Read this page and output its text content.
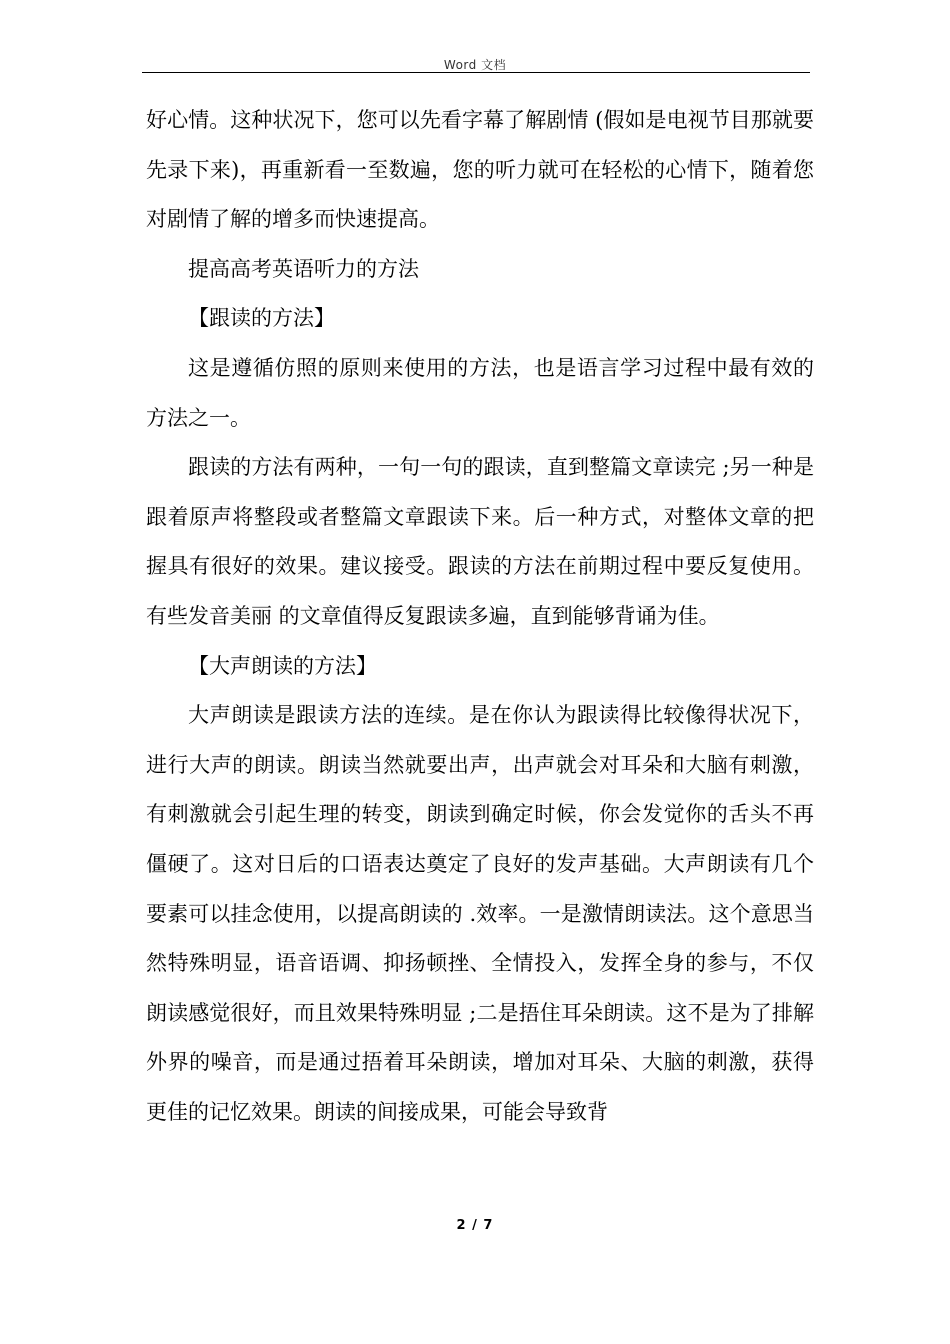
Word 文档

好心情。这种状况下，您可以先看字幕了解剧情 (假如是电视节目那就要先录下来)，再重新看一至数遍，您的听力就可在轻松的心情下，随着您对剧情了解的增多而快速提高。

提高高考英语听力的方法

【跟读的方法】

这是遵循仿照的原则来使用的方法，也是语言学习过程中最有效的方法之一。

跟读的方法有两种，一句一句的跟读，直到整篇文章读完 ;另一种是跟着原声将整段或者整篇文章跟读下来。后一种方式，对整体文章的把握具有很好的效果。建议接受。跟读的方法在前期过程中要反复使用。有些发音美丽 的文章值得反复跟读多遍，直到能够背诵为佳。

【大声朗读的方法】

大声朗读是跟读方法的连续。是在你认为跟读得比较像得状况下，进行大声的朗读。朗读当然就要出声，出声就会对耳朵和大脑有刺激，有刺激就会引起生理的转变，朗读到确定时候，你会发觉你的舌头不再僵硬了。这对日后的口语表达奠定了良好的发声基础。大声朗读有几个要素可以挂念使用，以提高朗读的 .效率。一是激情朗读法。这个意思当然特殊明显，语音语调、抑扬顿挫、全情投入，发挥全身的参与，不仅朗读感觉很好，而且效果特殊明显 ;二是捂住耳朵朗读。这不是为了排解外界的噪音，而是通过捂着耳朵朗读，增加对耳朵、大脑的刺激，获得更佳的记忆效果。朗读的间接成果，可能会导致背

2 / 7
